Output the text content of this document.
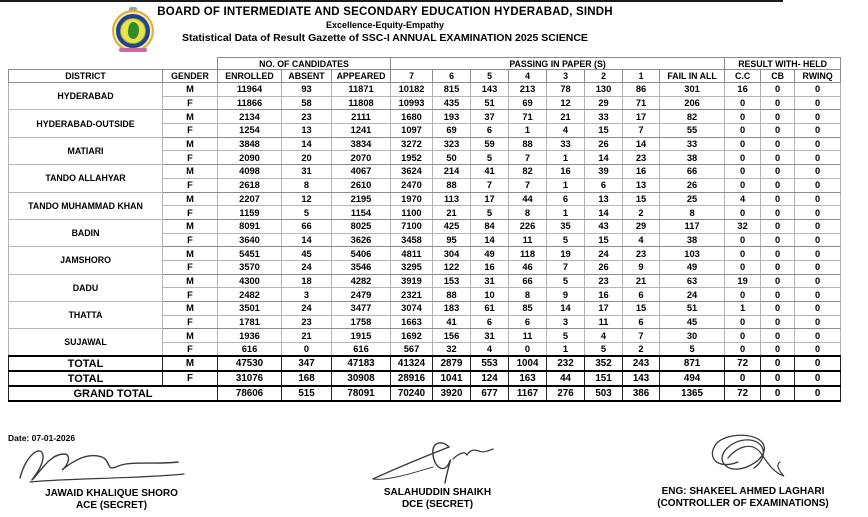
BOARD OF INTERMEDIATE AND SECONDARY EDUCATION HYDERABAD, SINDH
Excellence-Equity-Empathy
Statistical Data of Result Gazette of SSC-I ANNUAL EXAMINATION 2025 SCIENCE
		NO. OF CANDIDATES			PASSING IN PAPER (S)								RESULT WITH- HELD		
DISTRICT	GENDER	ENROLLED	ABSENT	APPEARED	7	6	5	4	3	2	1	FAIL IN ALL	C.C	CB	RWINQ
HYDERABAD	M	11964	93	11871	10182	815	143	213	78	130	86	301	16	0	0
	F	11866	58	11808	10993	435	51	69	12	29	71	206	0	0	0
HYDERABAD-OUTSIDE	M	2134	23	2111	1680	193	37	71	21	33	17	82	0	0	0
	F	1254	13	1241	1097	69	6	1	4	15	7	55	0	0	0
MATIARI	M	3848	14	3834	3272	323	59	88	33	26	14	33	0	0	0
	F	2090	20	2070	1952	50	5	7	1	14	23	38	0	0	0
TANDO ALLAHYAR	M	4098	31	4067	3624	214	41	82	16	39	16	66	0	0	0
	F	2618	8	2610	2470	88	7	7	1	6	13	26	0	0	0
TANDO MUHAMMAD KHAN	M	2207	12	2195	1970	113	17	44	6	13	15	25	4	0	0
	F	1159	5	1154	1100	21	5	8	1	14	2	8	0	0	0
BADIN	M	8091	66	8025	7100	425	84	226	35	43	29	117	32	0	0
	F	3640	14	3626	3458	95	14	11	5	15	4	38	0	0	0
JAMSHORO	M	5451	45	5406	4811	304	49	118	19	24	23	103	0	0	0
	F	3570	24	3546	3295	122	16	46	7	26	9	49	0	0	0
DADU	M	4300	18	4282	3919	153	31	66	5	23	21	63	19	0	0
	F	2482	3	2479	2321	88	10	8	9	16	6	24	0	0	0
THATTA	M	3501	24	3477	3074	183	61	85	14	17	15	51	1	0	0
	F	1781	23	1758	1663	41	6	6	3	11	6	45	0	0	0
SUJAWAL	M	1936	21	1915	1692	156	31	11	5	4	7	30	0	0	0
	F	616	0	616	567	32	4	0	1	5	2	5	0	0	0
TOTAL	M	47530	347	47183	41324	2879	553	1004	232	352	243	871	72	0	0
TOTAL	F	31076	168	30908	28916	1041	124	163	44	151	143	494	0	0	0
GRAND TOTAL		78606	515	78091	70240	3920	677	1167	276	503	386	1365	72	0	0
Date: 07-01-2026
JAWAID KHALIQUE SHORO
ACE (SECRET)
SALAHUDDIN SHAIKH
DCE (SECRET)
ENG: SHAKEEL AHMED LAGHARI
(CONTROLLER OF EXAMINATIONS)
